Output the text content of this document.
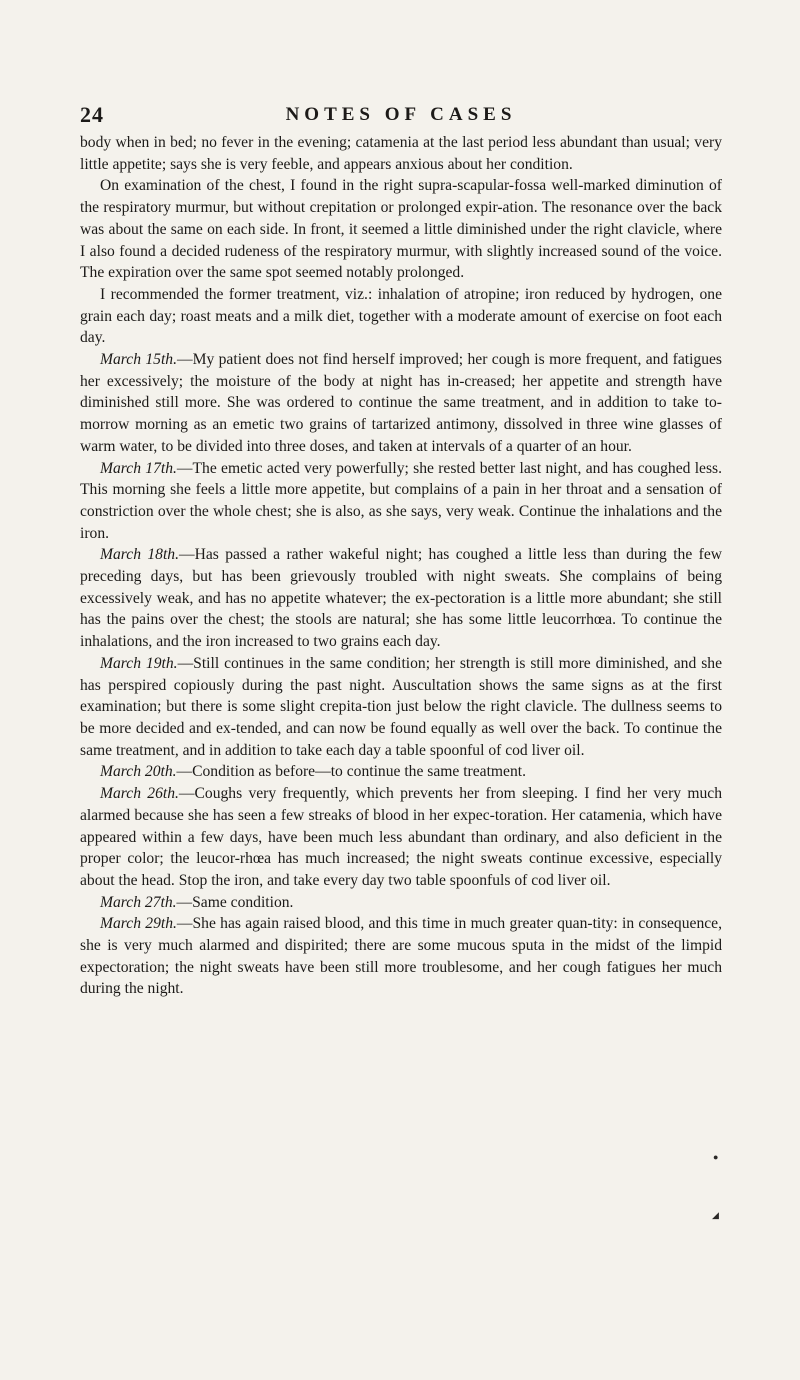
24	NOTES OF CASES

body when in bed; no fever in the evening; catamenia at the last period less abundant than usual; very little appetite; says she is very feeble, and appears anxious about her condition.

On examination of the chest, I found in the right supra-scapular-fossa well-marked diminution of the respiratory murmur, but without crepitation or prolonged expir-ation. The resonance over the back was about the same on each side. In front, it seemed a little diminished under the right clavicle, where I also found a decided rudeness of the respiratory murmur, with slightly increased sound of the voice. The expiration over the same spot seemed notably prolonged.

I recommended the former treatment, viz.: inhalation of atropine; iron reduced by hydrogen, one grain each day; roast meats and a milk diet, together with a moderate amount of exercise on foot each day.

March 15th.—My patient does not find herself improved; her cough is more frequent, and fatigues her excessively; the moisture of the body at night has in-creased; her appetite and strength have diminished still more. She was ordered to continue the same treatment, and in addition to take to-morrow morning as an emetic two grains of tartarized antimony, dissolved in three wine glasses of warm water, to be divided into three doses, and taken at intervals of a quarter of an hour.

March 17th.—The emetic acted very powerfully; she rested better last night, and has coughed less. This morning she feels a little more appetite, but complains of a pain in her throat and a sensation of constriction over the whole chest; she is also, as she says, very weak. Continue the inhalations and the iron.

March 18th.—Has passed a rather wakeful night; has coughed a little less than during the few preceding days, but has been grievously troubled with night sweats. She complains of being excessively weak, and has no appetite whatever; the ex-pectoration is a little more abundant; she still has the pains over the chest; the stools are natural; she has some little leucorrhœa. To continue the inhalations, and the iron increased to two grains each day.

March 19th.—Still continues in the same condition; her strength is still more diminished, and she has perspired copiously during the past night. Auscultation shows the same signs as at the first examination; but there is some slight crepita-tion just below the right clavicle. The dullness seems to be more decided and ex-tended, and can now be found equally as well over the back. To continue the same treatment, and in addition to take each day a table spoonful of cod liver oil.

March 20th.—Condition as before—to continue the same treatment.

March 26th.—Coughs very frequently, which prevents her from sleeping. I find her very much alarmed because she has seen a few streaks of blood in her expec-toration. Her catamenia, which have appeared within a few days, have been much less abundant than ordinary, and also deficient in the proper color; the leucor-rhœa has much increased; the night sweats continue excessive, especially about the head. Stop the iron, and take every day two table spoonfuls of cod liver oil.

March 27th.—Same condition.

March 29th.—She has again raised blood, and this time in much greater quan-tity: in consequence, she is very much alarmed and dispirited; there are some mucous sputa in the midst of the limpid expectoration; the night sweats have been still more troublesome, and her cough fatigues her much during the night.

●
◢
